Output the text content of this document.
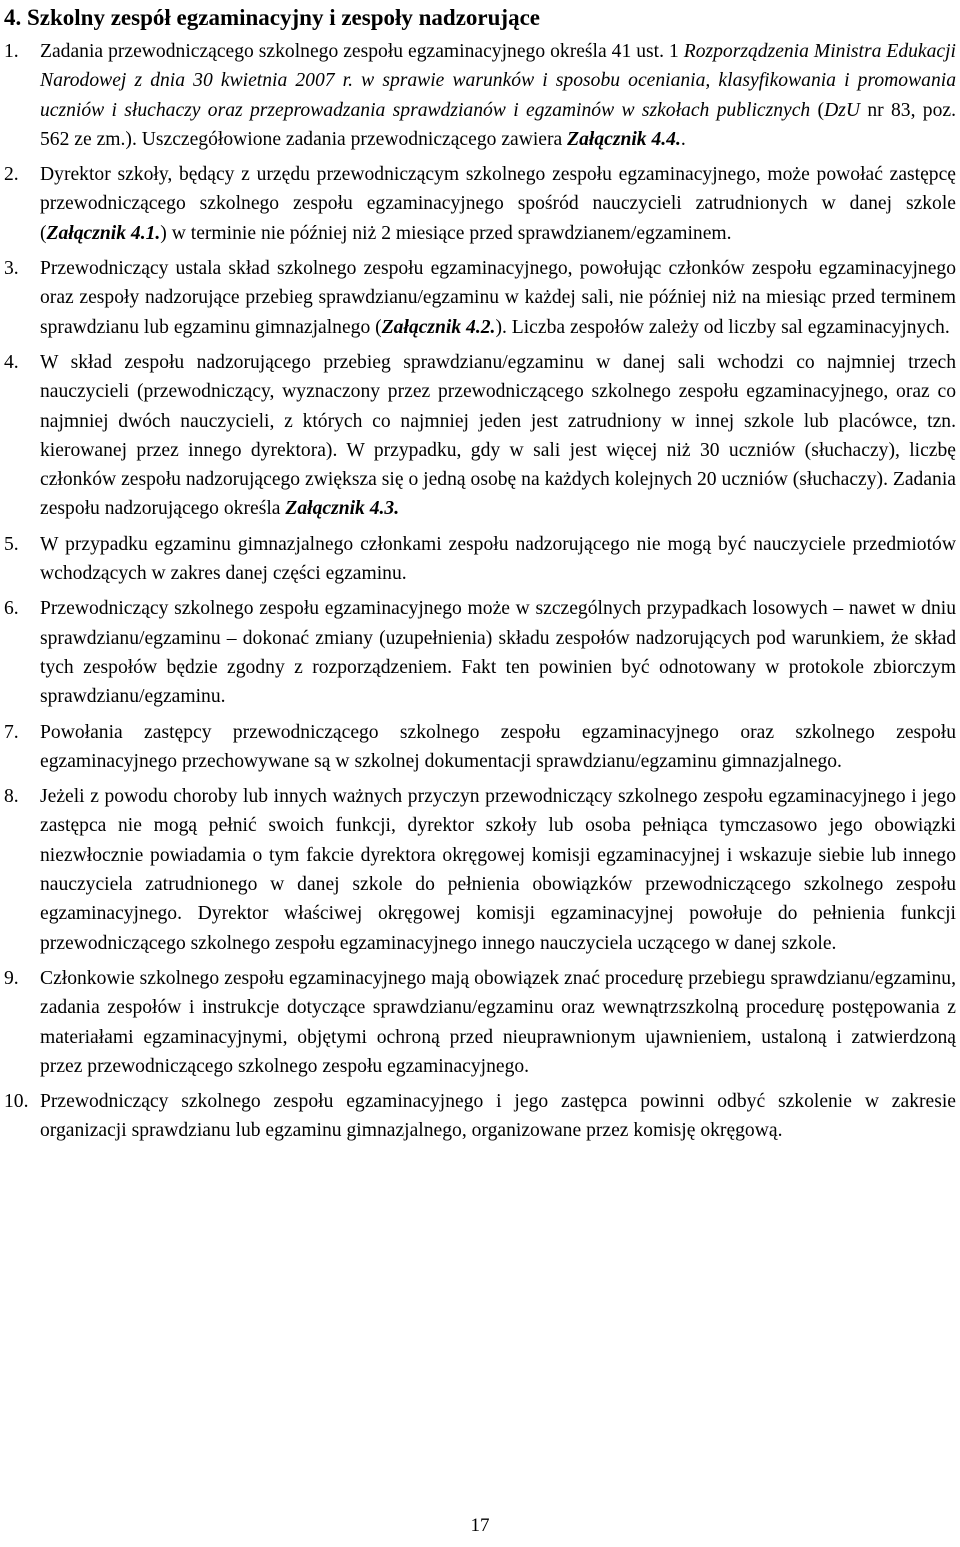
4. Szkolny zespół egzaminacyjny i zespoły nadzorujące
1.	Zadania przewodniczącego szkolnego zespołu egzaminacyjnego określa 41 ust. 1 Rozporządzenia Ministra Edukacji Narodowej z dnia 30 kwietnia 2007 r. w sprawie warunków i sposobu oceniania, klasyfikowania i promowania uczniów i słuchaczy oraz przeprowadzania sprawdzianów i egzaminów w szkołach publicznych (DzU nr 83, poz. 562 ze zm.). Uszczegółowione zadania przewodniczącego zawiera Załącznik 4.4..
2.	Dyrektor szkoły, będący z urzędu przewodniczącym szkolnego zespołu egzaminacyjnego, może powołać zastępcę przewodniczącego szkolnego zespołu egzaminacyjnego spośród nauczycieli zatrudnionych w danej szkole (Załącznik 4.1.) w terminie nie później niż 2 miesiące przed sprawdzianem/egzaminem.
3.	Przewodniczący ustala skład szkolnego zespołu egzaminacyjnego, powołując członków zespołu egzaminacyjnego oraz zespoły nadzorujące przebieg sprawdzianu/egzaminu w każdej sali, nie później niż na miesiąc przed terminem sprawdzianu lub egzaminu gimnazjalnego (Załącznik 4.2.). Liczba zespołów zależy od liczby sal egzaminacyjnych.
4.	W skład zespołu nadzorującego przebieg sprawdzianu/egzaminu w danej sali wchodzi co najmniej trzech nauczycieli (przewodniczący, wyznaczony przez przewodniczącego szkolnego zespołu egzaminacyjnego, oraz co najmniej dwóch nauczycieli, z których co najmniej jeden jest zatrudniony w innej szkole lub placówce, tzn. kierowanej przez innego dyrektora). W przypadku, gdy w sali jest więcej niż 30 uczniów (słuchaczy), liczbę członków zespołu nadzorującego zwiększa się o jedną osobę na każdych kolejnych 20 uczniów (słuchaczy). Zadania zespołu nadzorującego określa Załącznik 4.3.
5.	W przypadku egzaminu gimnazjalnego członkami zespołu nadzorującego nie mogą być nauczyciele przedmiotów wchodzących w zakres danej części egzaminu.
6.	Przewodniczący szkolnego zespołu egzaminacyjnego może w szczególnych przypadkach losowych – nawet w dniu sprawdzianu/egzaminu – dokonać zmiany (uzupełnienia) składu zespołów nadzorujących pod warunkiem, że skład tych zespołów będzie zgodny z rozporządzeniem. Fakt ten powinien być odnotowany w protokole zbiorczym sprawdzianu/egzaminu.
7.	Powołania zastępcy przewodniczącego szkolnego zespołu egzaminacyjnego oraz szkolnego zespołu egzaminacyjnego przechowywane są w szkolnej dokumentacji sprawdzianu/egzaminu gimnazjalnego.
8.	Jeżeli z powodu choroby lub innych ważnych przyczyn przewodniczący szkolnego zespołu egzaminacyjnego i jego zastępca nie mogą pełnić swoich funkcji, dyrektor szkoły lub osoba pełniąca tymczasowo jego obowiązki niezwłocznie powiadamia o tym fakcie dyrektora okręgowej komisji egzaminacyjnej i wskazuje siebie lub innego nauczyciela zatrudnionego w danej szkole do pełnienia obowiązków przewodniczącego szkolnego zespołu egzaminacyjnego. Dyrektor właściwej okręgowej komisji egzaminacyjnej powołuje do pełnienia funkcji przewodniczącego szkolnego zespołu egzaminacyjnego innego nauczyciela uczącego w danej szkole.
9.	Członkowie szkolnego zespołu egzaminacyjnego mają obowiązek znać procedurę przebiegu sprawdzianu/egzaminu, zadania zespołów i instrukcje dotyczące sprawdzianu/egzaminu oraz wewnątrzszkolną procedurę postępowania z materiałami egzaminacyjnymi, objętymi ochroną przed nieuprawnionym ujawnieniem, ustaloną i zatwierdzoną przez przewodniczącego szkolnego zespołu egzaminacyjnego.
10. Przewodniczący szkolnego zespołu egzaminacyjnego i jego zastępca powinni odbyć szkolenie w zakresie organizacji sprawdzianu lub egzaminu gimnazjalnego, organizowane przez komisję okręgową.
17
